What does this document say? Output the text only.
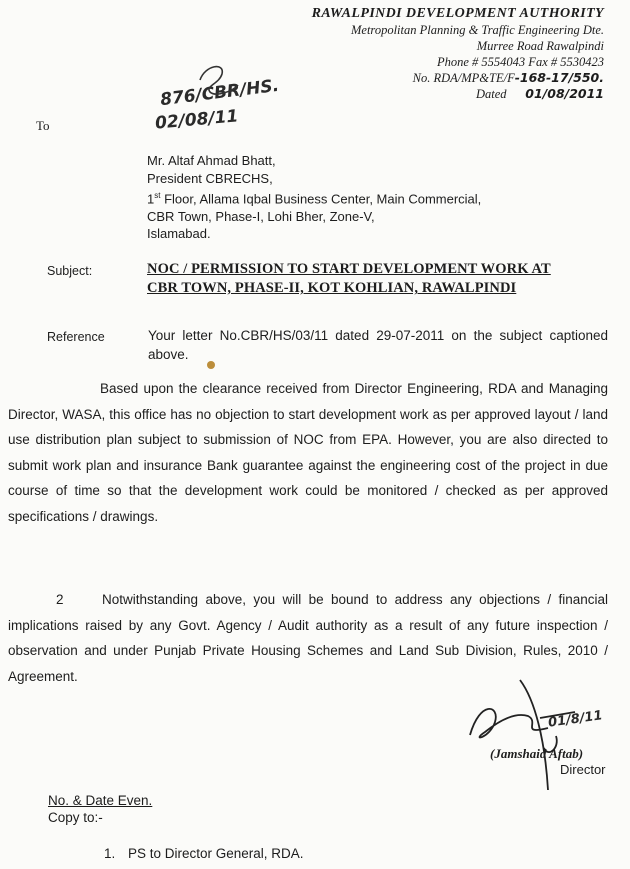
RAWALPINDI DEVELOPMENT AUTHORITY
Metropolitan Planning & Traffic Engineering Dte.
Murree Road Rawalpindi
Phone # 5554043 Fax # 5530423
No. RDA/MP&TE/F-168-17/550.
Dated 01/08/2011
876/CBR/HS.
02/08/11
To
Mr. Altaf Ahmad Bhatt,
President CBRECHS,
1st Floor, Allama Iqbal Business Center, Main Commercial,
CBR Town, Phase-I, Lohi Bher, Zone-V,
Islamabad.
Subject:	NOC / PERMISSION TO START DEVELOPMENT WORK AT
CBR TOWN, PHASE-II, KOT KOHLIAN, RAWALPINDI
Reference	Your letter No.CBR/HS/03/11 dated 29-07-2011 on the subject captioned above.
Based upon the clearance received from Director Engineering, RDA and Managing Director, WASA, this office has no objection to start development work as per approved layout / land use distribution plan subject to submission of NOC from EPA. However, you are also directed to submit work plan and insurance Bank guarantee against the engineering cost of the project in due course of time so that the development work could be monitored / checked as per approved specifications / drawings.
2	Notwithstanding above, you will be bound to address any objections / financial implications raised by any Govt. Agency / Audit authority as a result of any future inspection / observation and under Punjab Private Housing Schemes and Land Sub Division, Rules, 2010 / Agreement.
01/8/11
(Jamshaid Aftab)
Director
No. & Date Even.
Copy to:-
1. PS to Director General, RDA.
